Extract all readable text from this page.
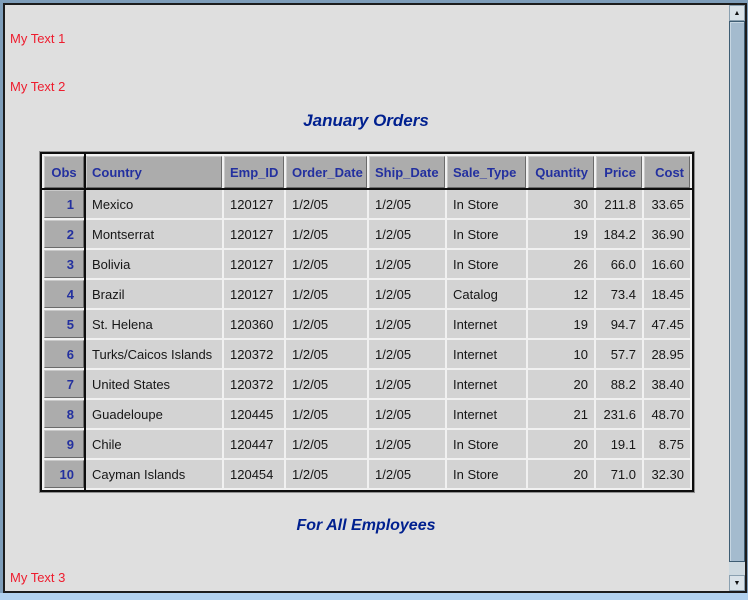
My Text 1
My Text 2
January Orders
Obs	Country	Emp_ID	Order_Date	Ship_Date	Sale_Type	Quantity	Price	Cost
1	Mexico	120127	1/2/05	1/2/05	In Store	30	211.8	33.65
2	Montserrat	120127	1/2/05	1/2/05	In Store	19	184.2	36.90
3	Bolivia	120127	1/2/05	1/2/05	In Store	26	66.0	16.60
4	Brazil	120127	1/2/05	1/2/05	Catalog	12	73.4	18.45
5	St. Helena	120360	1/2/05	1/2/05	Internet	19	94.7	47.45
6	Turks/Caicos Islands	120372	1/2/05	1/2/05	Internet	10	57.7	28.95
7	United States	120372	1/2/05	1/2/05	Internet	20	88.2	38.40
8	Guadeloupe	120445	1/2/05	1/2/05	Internet	21	231.6	48.70
9	Chile	120447	1/2/05	1/2/05	In Store	20	19.1	8.75
10	Cayman Islands	120454	1/2/05	1/2/05	In Store	20	71.0	32.30
For All Employees
My Text 3
▲
▼
